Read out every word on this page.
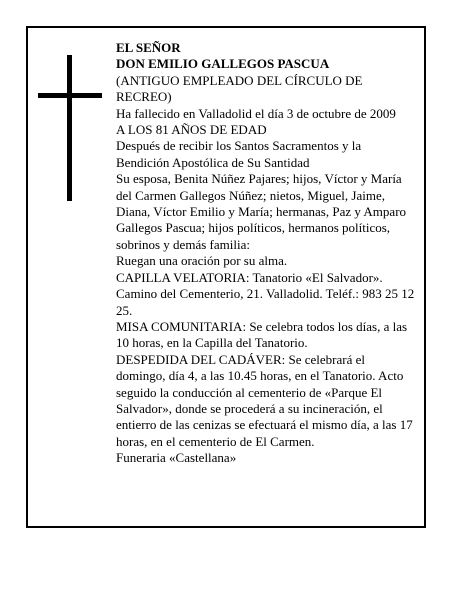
EL SEÑOR

DON EMILIO GALLEGOS PASCUA

(ANTIGUO EMPLEADO DEL CÍRCULO DE RECREO)

Ha fallecido en Valladolid el día 3 de octubre de 2009

A LOS 81 AÑOS DE EDAD

Después de recibir los Santos Sacramentos y la Bendición Apostólica de Su Santidad

Su esposa, Benita Núñez Pajares; hijos, Víctor y María del Carmen Gallegos Núñez; nietos, Miguel, Jaime, Diana, Víctor Emilio y María; hermanas, Paz y Amparo Gallegos Pascua; hijos políticos, hermanos políticos, sobrinos y demás familia:

Ruegan una oración por su alma.

CAPILLA VELATORIA: Tanatorio «El Salvador». Camino del Cementerio, 21. Valladolid. Teléf.: 983 25 12 25.

MISA COMUNITARIA: Se celebra todos los días, a las 10 horas, en la Capilla del Tanatorio.

DESPEDIDA DEL CADÁVER: Se celebrará el domingo, día 4, a las 10.45 horas, en el Tanatorio. Acto seguido la conducción al cementerio de «Parque El Salvador», donde se procederá a su incineración, el entierro de las cenizas se efectuará el mismo día, a las 17 horas, en el cementerio de El Carmen.

Funeraria «Castellana»
